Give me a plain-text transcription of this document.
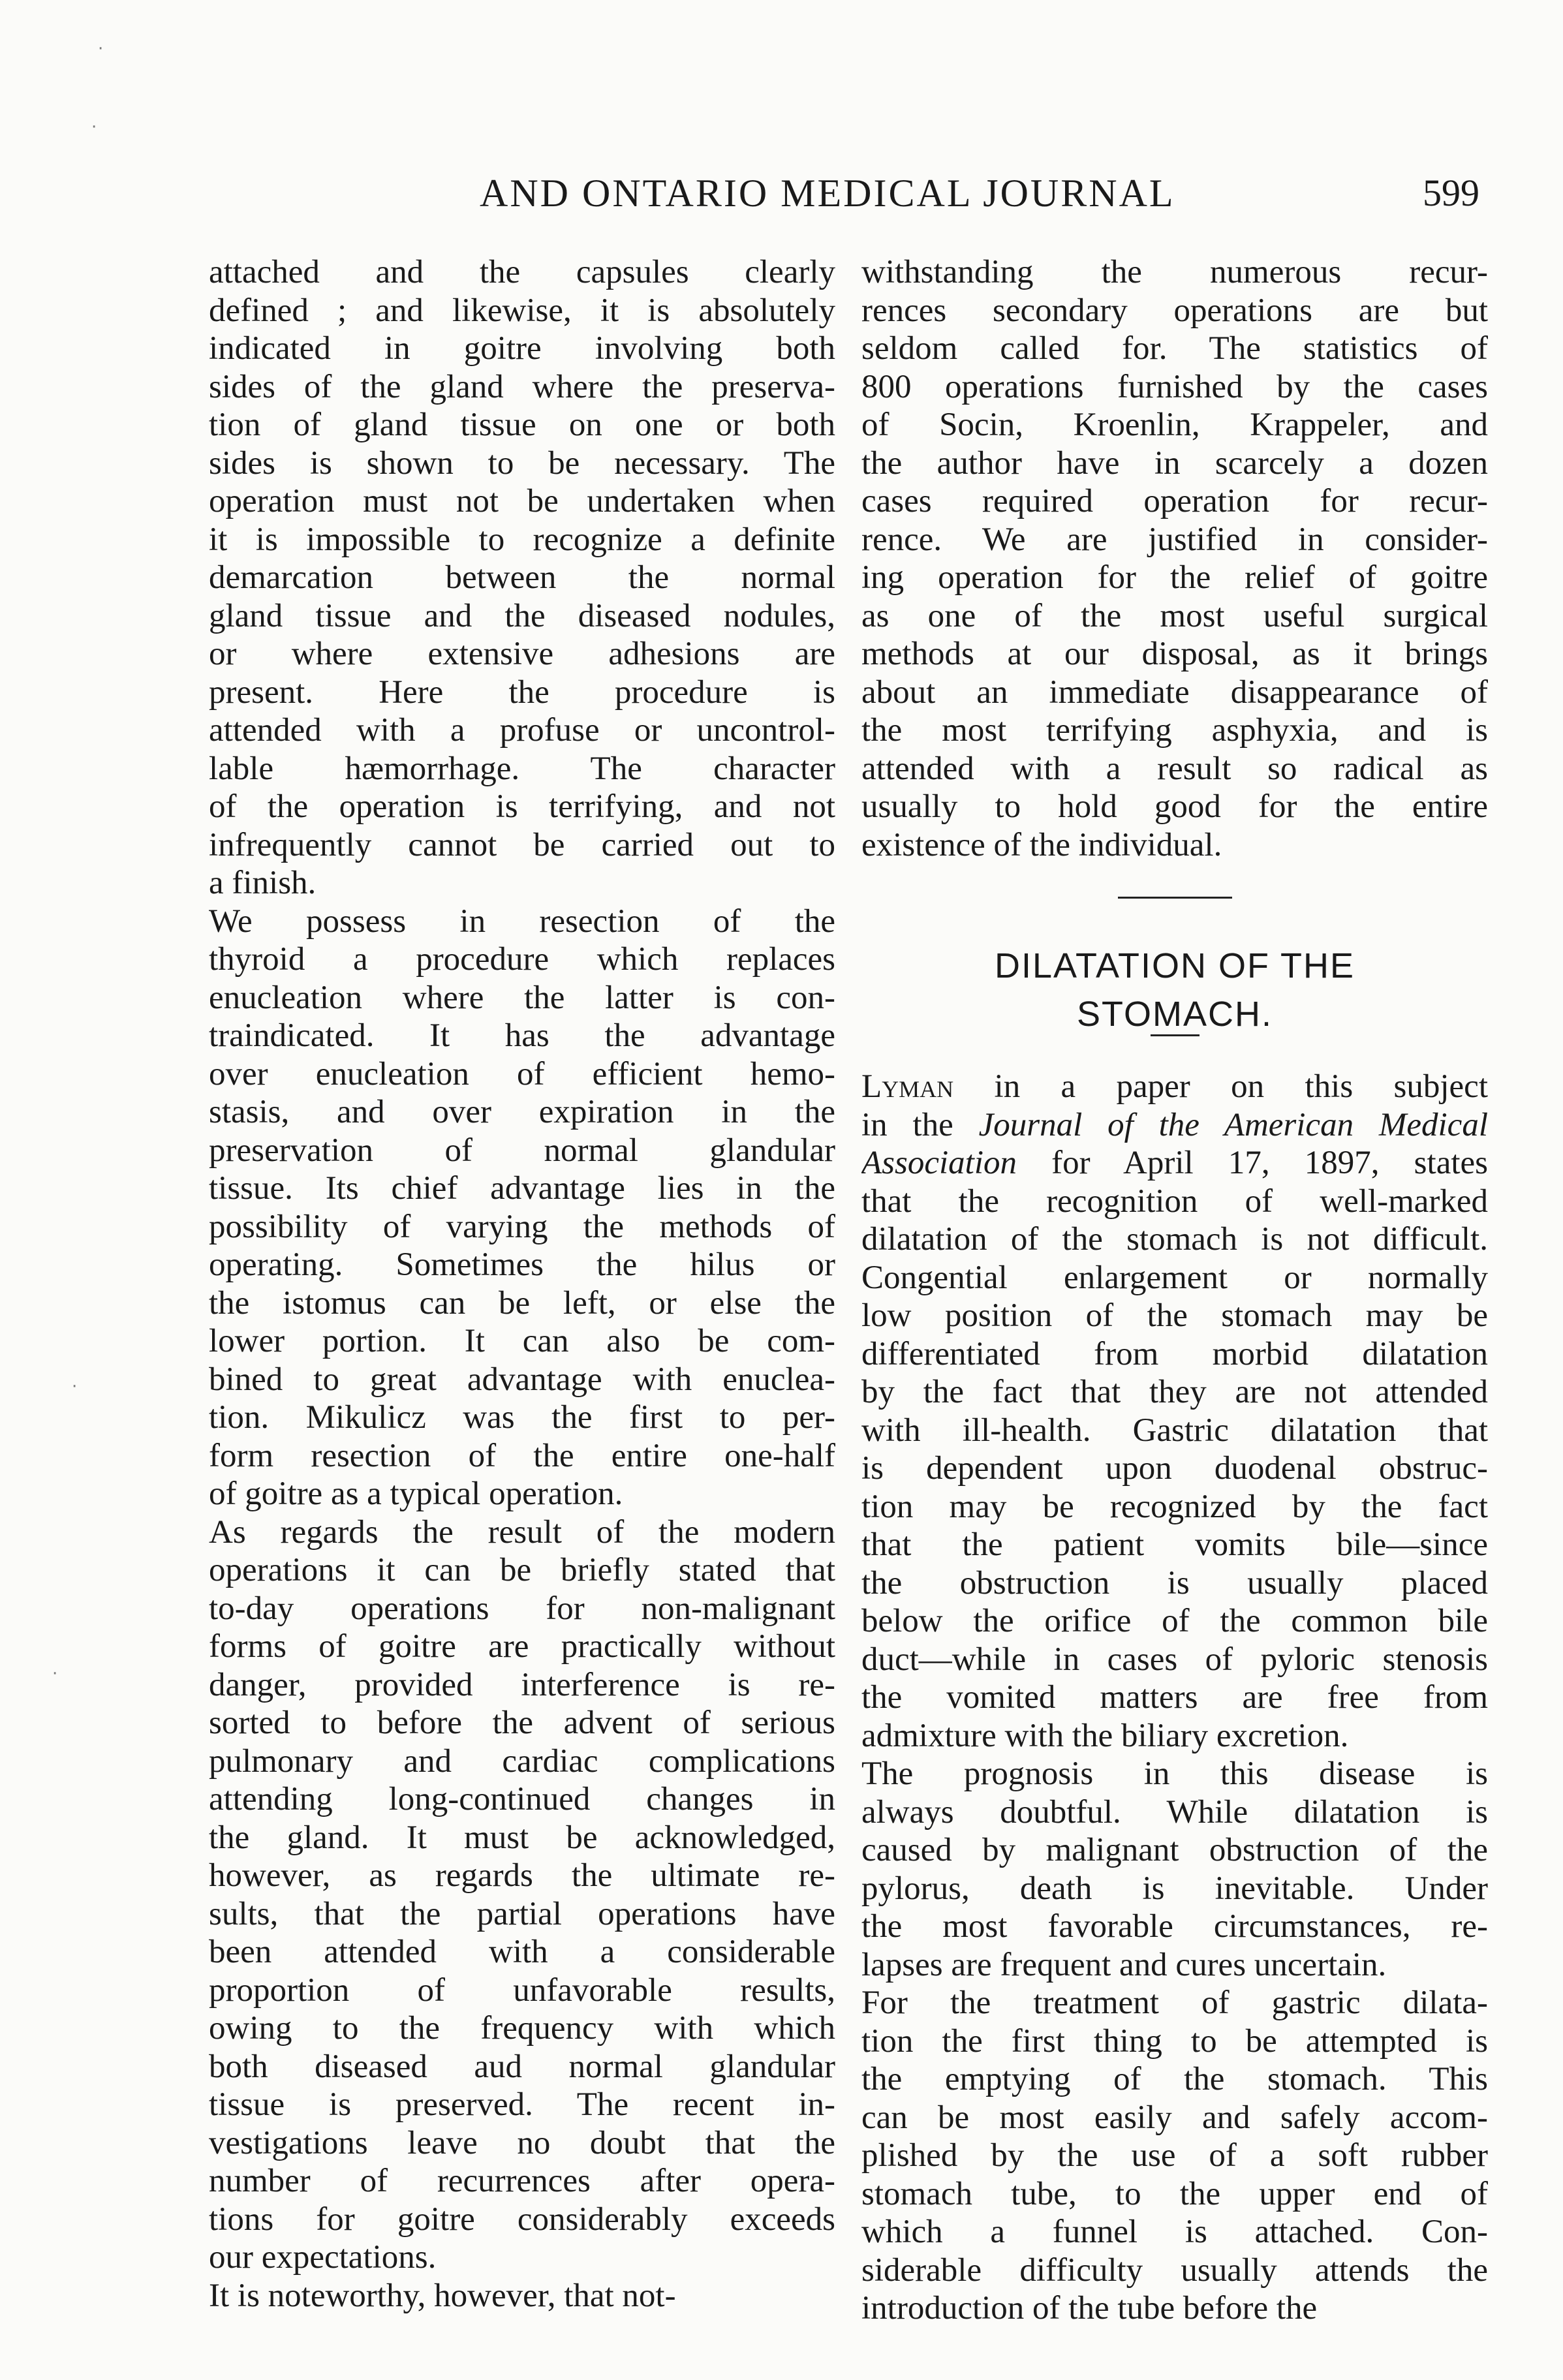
AND ONTARIO MEDICAL JOURNAL	599
attached and the capsules clearly
defined ; and likewise, it is absolutely
indicated in goitre involving both
sides of the gland where the preserva-
tion of gland tissue on one or both
sides is shown to be necessary. The
operation must not be undertaken when
it is impossible to recognize a definite
demarcation between the normal
gland tissue and the diseased nodules,
or where extensive adhesions are
present. Here the procedure is
attended with a profuse or uncontrol-
lable hæmorrhage. The character
of the operation is terrifying, and not
infrequently cannot be carried out to
a finish.
We possess in resection of the
thyroid a procedure which replaces
enucleation where the latter is con-
traindicated. It has the advantage
over enucleation of efficient hemo-
stasis, and over expiration in the
preservation of normal glandular
tissue. Its chief advantage lies in the
possibility of varying the methods of
operating. Sometimes the hilus or
the istomus can be left, or else the
lower portion. It can also be com-
bined to great advantage with enuclea-
tion. Mikulicz was the first to per-
form resection of the entire one-half
of goitre as a typical operation.
As regards the result of the modern
operations it can be briefly stated that
to-day operations for non-malignant
forms of goitre are practically without
danger, provided interference is re-
sorted to before the advent of serious
pulmonary and cardiac complications
attending long-continued changes in
the gland. It must be acknowledged,
however, as regards the ultimate re-
sults, that the partial operations have
been attended with a considerable
proportion of unfavorable results,
owing to the frequency with which
both diseased aud normal glandular
tissue is preserved. The recent in-
vestigations leave no doubt that the
number of recurrences after opera-
tions for goitre considerably exceeds
our expectations.
It is noteworthy, however, that not-
withstanding the numerous recur-
rences secondary operations are but
seldom called for. The statistics of
800 operations furnished by the cases
of Socin, Kroenlin, Krappeler, and
the author have in scarcely a dozen
cases required operation for recur-
rence. We are justified in consider-
ing operation for the relief of goitre
as one of the most useful surgical
methods at our disposal, as it brings
about an immediate disappearance of
the most terrifying asphyxia, and is
attended with a result so radical as
usually to hold good for the entire
existence of the individual.
DILATATION OF THE
STOMACH.
Lyman in a paper on this subject
in the Journal of the American Medical
Association for April 17, 1897, states
that the recognition of well-marked
dilatation of the stomach is not difficult.
Congential enlargement or normally
low position of the stomach may be
differentiated from morbid dilatation
by the fact that they are not attended
with ill-health. Gastric dilatation that
is dependent upon duodenal obstruc-
tion may be recognized by the fact
that the patient vomits bile—since
the obstruction is usually placed
below the orifice of the common bile
duct—while in cases of pyloric stenosis
the vomited matters are free from
admixture with the biliary excretion.
The prognosis in this disease is
always doubtful. While dilatation is
caused by malignant obstruction of the
pylorus, death is inevitable. Under
the most favorable circumstances, re-
lapses are frequent and cures uncertain.
For the treatment of gastric dilata-
tion the first thing to be attempted is
the emptying of the stomach. This
can be most easily and safely accom-
plished by the use of a soft rubber
stomach tube, to the upper end of
which a funnel is attached. Con-
siderable difficulty usually attends the
introduction of the tube before the
·
·
·
·
